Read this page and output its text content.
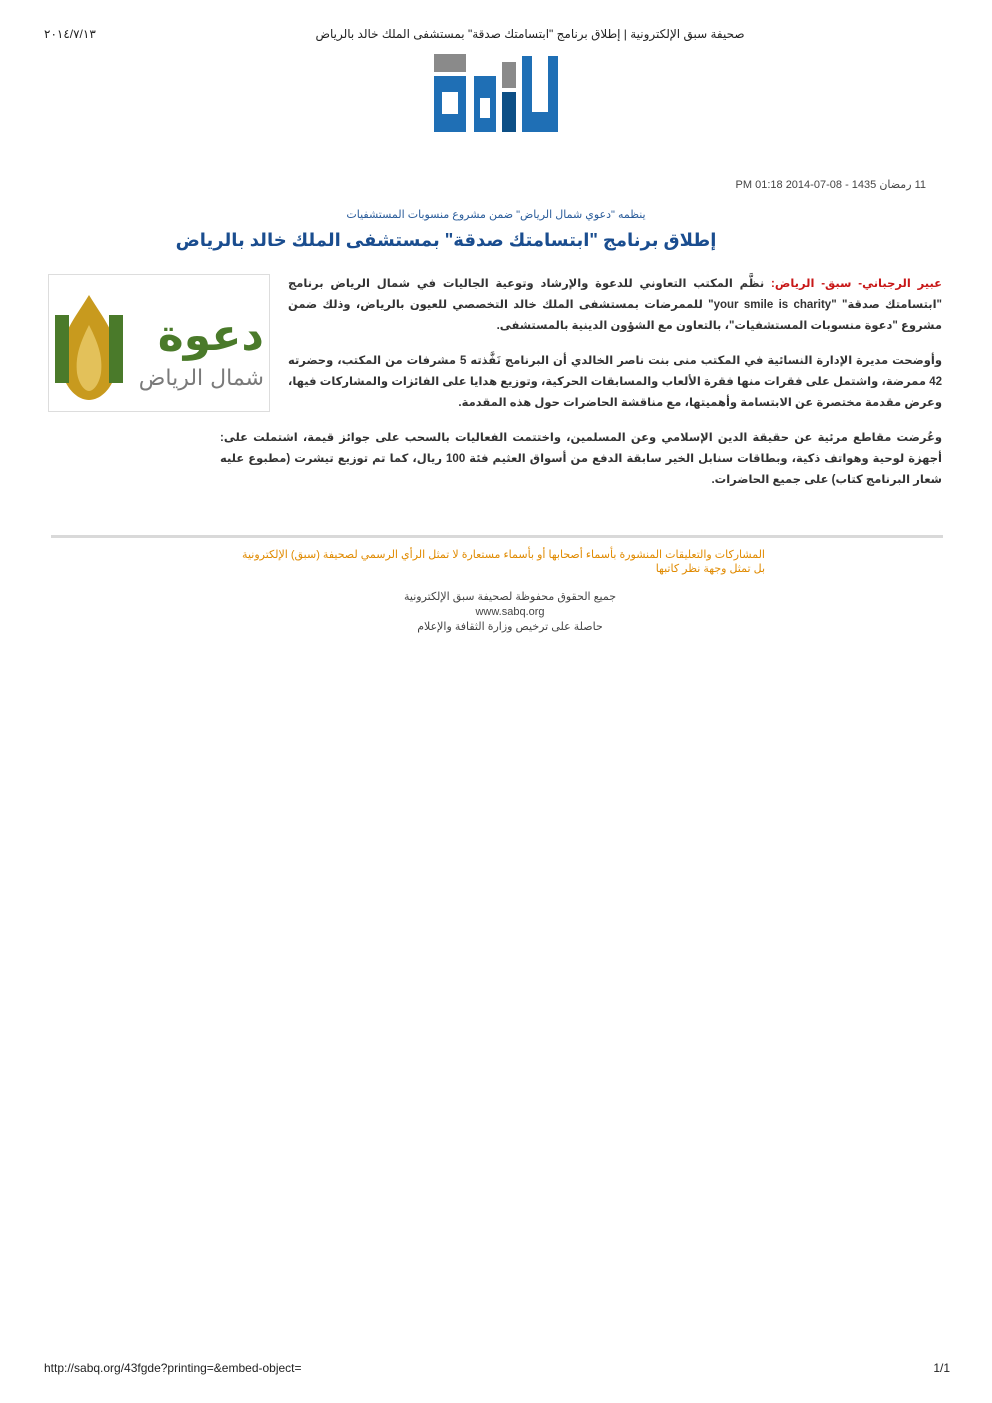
٢٠١٤/٧/١٣	صحيفة سبق الإلكترونية | إطلاق برنامج "ابتسامتك صدقة" بمستشفى الملك خالد بالرياض
11 رمضان 1435 - 08-07-2014 01:18 PM
ينظمه "دعوي شمال الرياض" ضمن مشروع منسوبات المستشفيات
إطلاق برنامج "ابتسامتك صدقة" بمستشفى الملك خالد بالرياض
دعوة
شمال الرياض

عبير الرجباني- سبق- الرياض: نظَّم المكتب التعاوني للدعوة والإرشاد وتوعية الجاليات في شمال الرياض برنامج "ابتسامتك صدقة" "your smile is charity" للممرضات بمستشفى الملك خالد التخصصي للعيون بالرياض، وذلك ضمن مشروع "دعوة منسوبات المستشفيات"، بالتعاون مع الشؤون الدينية بالمستشفى.

وأوضحت مديرة الإدارة النسائية في المكتب منى بنت ناصر الخالدي أن البرنامج نَفَّذته 5 مشرفات من المكتب، وحضرته 42 ممرضة، واشتمل على فقرات منها فقرة الألعاب والمسابقات الحركية، وتوزيع هدايا على الفائزات والمشاركات فيها، وعرض مقدمة مختصرة عن الابتسامة وأهميتها، مع مناقشة الحاضرات حول هذه المقدمة.

وعُرضت مقاطع مرئية عن حقيقة الدين الإسلامي وعن المسلمين، واختتمت الفعاليات بالسحب على جوائز قيمة، اشتملت على: أجهزة لوحية وهواتف ذكية، وبطاقات سنابل الخير سابقة الدفع من أسواق العثيم فئة 100 ريال، كما تم توزيع تيشرت (مطبوع عليه شعار البرنامج كتاب) على جميع الحاضرات.

المشاركات والتعليقات المنشورة بأسماء أصحابها أو بأسماء مستعارة لا تمثل الرأي الرسمي لصحيفة (سبق) الإلكترونية بل تمثل وجهة نظر كاتبها
جميع الحقوق محفوظة لصحيفة سبق الإلكترونية
www.sabq.org
حاصلة على ترخيص وزارة الثقافة والإعلام
http://sabq.org/43fgde?printing=&embed-object=	1/1
